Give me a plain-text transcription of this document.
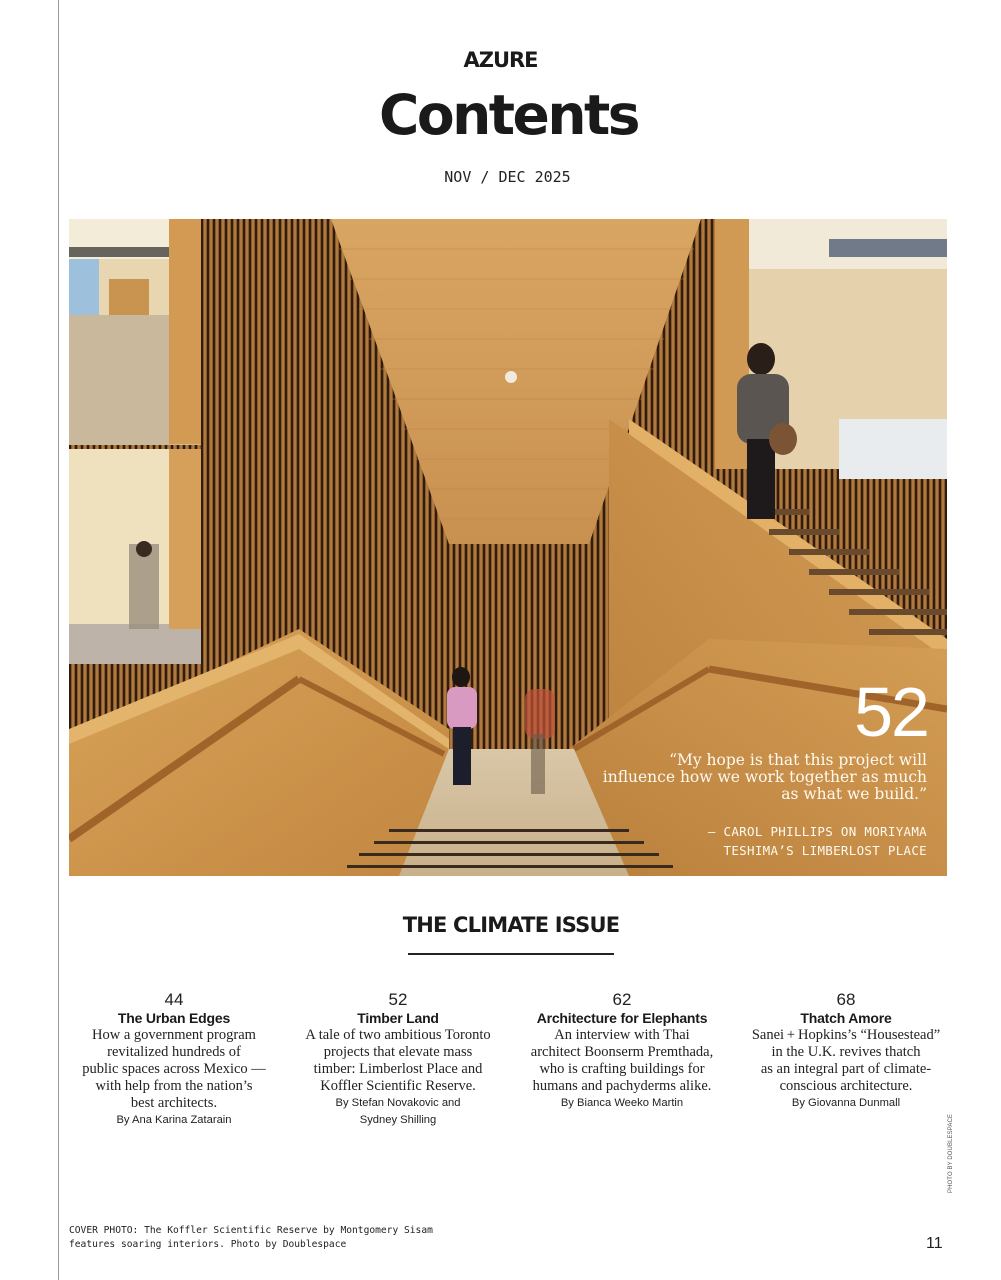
AZURE
Contents
NOV / DEC 2025
52
“My hope is that this project will influence how we work together as much as what we build.”
— CAROL PHILLIPS ON MORIYAMA
TESHIMA’S LIMBERLOST PLACE
THE CLIMATE ISSUE
44
The Urban Edges
How a government program
revitalized hundreds of
public spaces across Mexico —
with help from the nation’s
best architects.
By Ana Karina Zatarain
52
Timber Land
A tale of two ambitious Toronto
projects that elevate mass
timber: Limberlost Place and
Koffler Scientific Reserve.
By Stefan Novakovic and
Sydney Shilling
62
Architecture for Elephants
An interview with Thai
architect Boonserm Premthada,
who is crafting buildings for
humans and pachyderms alike.
By Bianca Weeko Martin
68
Thatch Amore
Sanei + Hopkins’s “Housestead”
in the U.K. revives thatch
as an integral part of climate-
conscious architecture.
By Giovanna Dunmall
PHOTO BY DOUBLESPACE
COVER PHOTO: The Koffler Scientific Reserve by Montgomery Sisam
features soaring interiors. Photo by Doublespace	11
